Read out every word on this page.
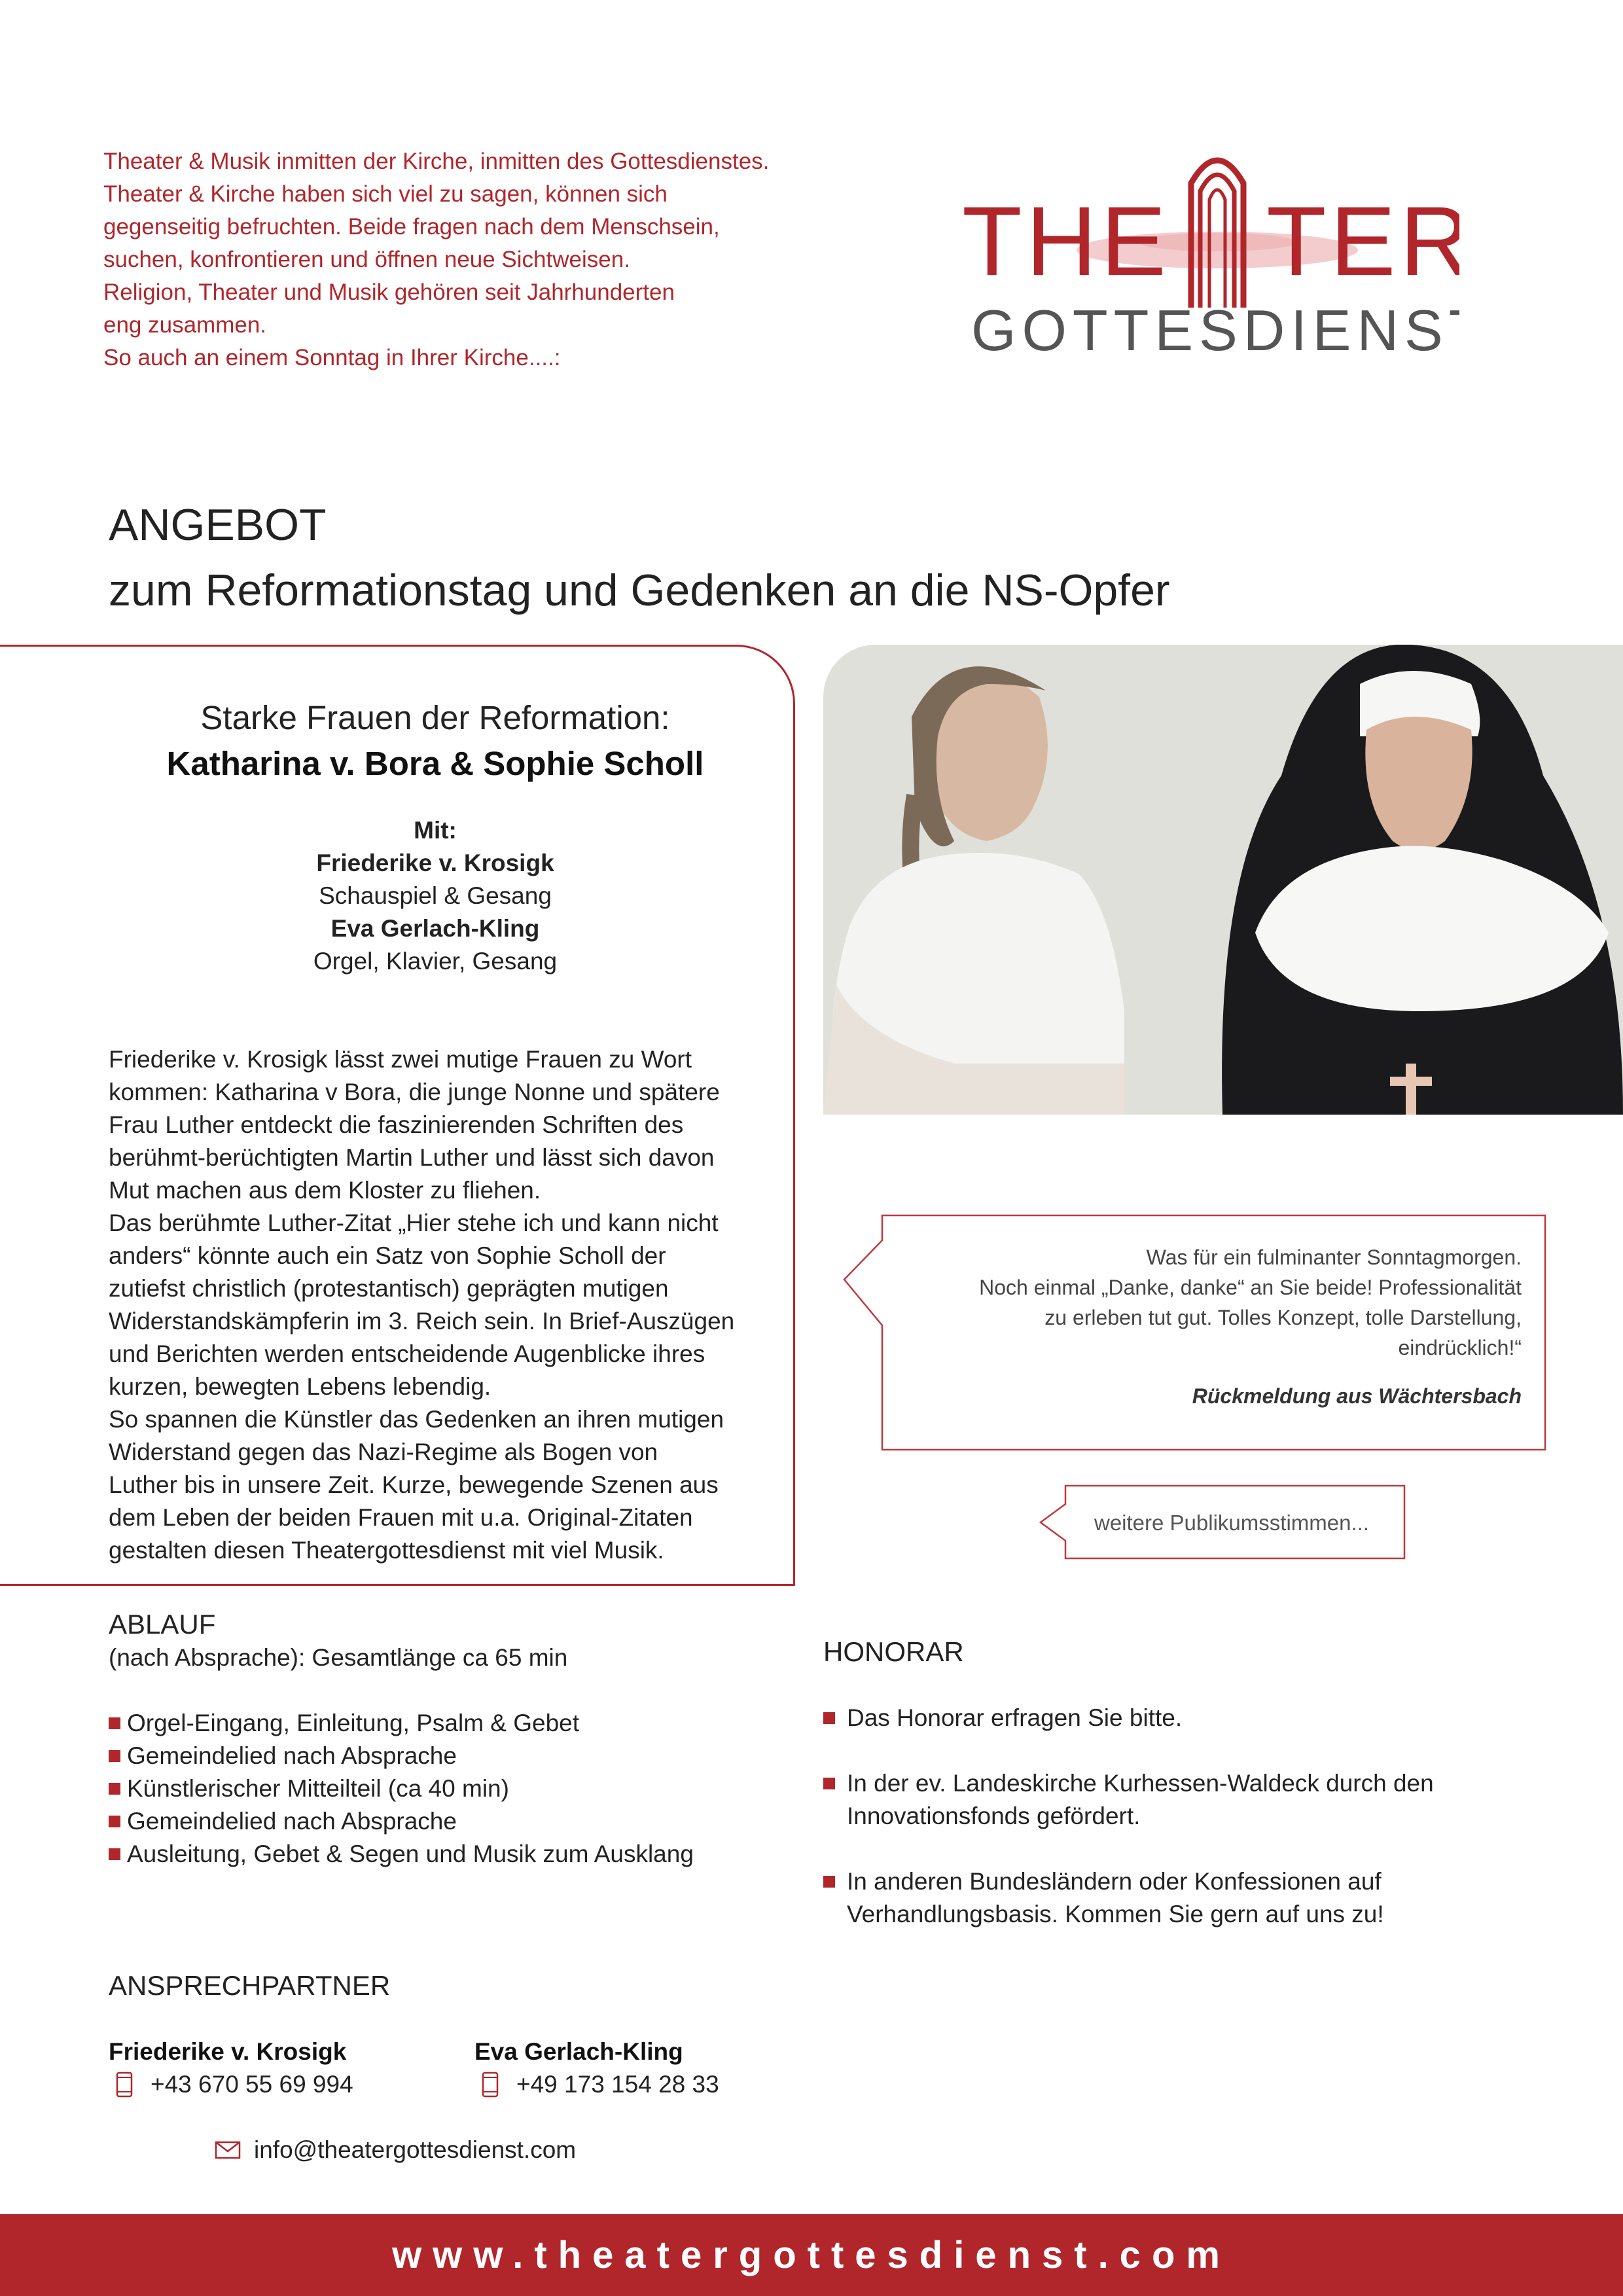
Theater & Musik inmitten der Kirche, inmitten des Gottesdienstes.
Theater & Kirche haben sich viel zu sagen, können sich
gegenseitig befruchten. Beide fragen nach dem Menschsein,
suchen, konfrontieren und öffnen neue Sichtweisen.
Religion, Theater und Musik gehören seit Jahrhunderten
eng zusammen.
So auch an einem Sonntag in Ihrer Kirche....:
THE TER
GOTTESDIENST
ANGEBOT
zum Reformationstag und Gedenken an die NS-Opfer
Starke Frauen der Reformation:
Katharina v. Bora & Sophie Scholl
Mit:
Friederike v. Krosigk
Schauspiel & Gesang
Eva Gerlach-Kling
Orgel, Klavier, Gesang
Friederike v. Krosigk lässt zwei mutige Frauen zu Wort
kommen: Katharina v Bora, die junge Nonne und spätere
Frau Luther entdeckt die faszinierenden Schriften des
berühmt-berüchtigten Martin Luther und lässt sich davon
Mut machen aus dem Kloster zu fliehen.
Das berühmte Luther-Zitat „Hier stehe ich und kann nicht
anders“ könnte auch ein Satz von Sophie Scholl der
zutiefst christlich (protestantisch) geprägten mutigen
Widerstandskämpferin im 3. Reich sein. In Brief-Auszügen
und Berichten werden entscheidende Augenblicke ihres
kurzen, bewegten Lebens lebendig.
So spannen die Künstler das Gedenken an ihren mutigen
Widerstand gegen das Nazi-Regime als Bogen von
Luther bis in unsere Zeit. Kurze, bewegende Szenen aus
dem Leben der beiden Frauen mit u.a. Original-Zitaten
gestalten diesen Theatergottesdienst mit viel Musik.
Was für ein fulminanter Sonntagmorgen.
Noch einmal „Danke, danke“ an Sie beide! Professionalität
zu erleben tut gut. Tolles Konzept, tolle Darstellung,
eindrücklich!“
Rückmeldung aus Wächtersbach
weitere Publikumsstimmen...
ABLAUF
(nach Absprache): Gesamtlänge ca 65 min
Orgel-Eingang, Einleitung, Psalm & Gebet
Gemeindelied nach Absprache
Künstlerischer Mitteilteil (ca 40 min)
Gemeindelied nach Absprache
Ausleitung, Gebet & Segen und Musik zum Ausklang
HONORAR
Das Honorar erfragen Sie bitte.
In der ev. Landeskirche Kurhessen-Waldeck durch den
Innovationsfonds gefördert.
In anderen Bundesländern oder Konfessionen auf
Verhandlungsbasis. Kommen Sie gern auf uns zu!
ANSPRECHPARTNER
Friederike v. Krosigk
+43 670 55 69 994
Eva Gerlach-Kling
+49 173 154 28 33
info@theatergottesdienst.com
www.theatergottesdienst.com
